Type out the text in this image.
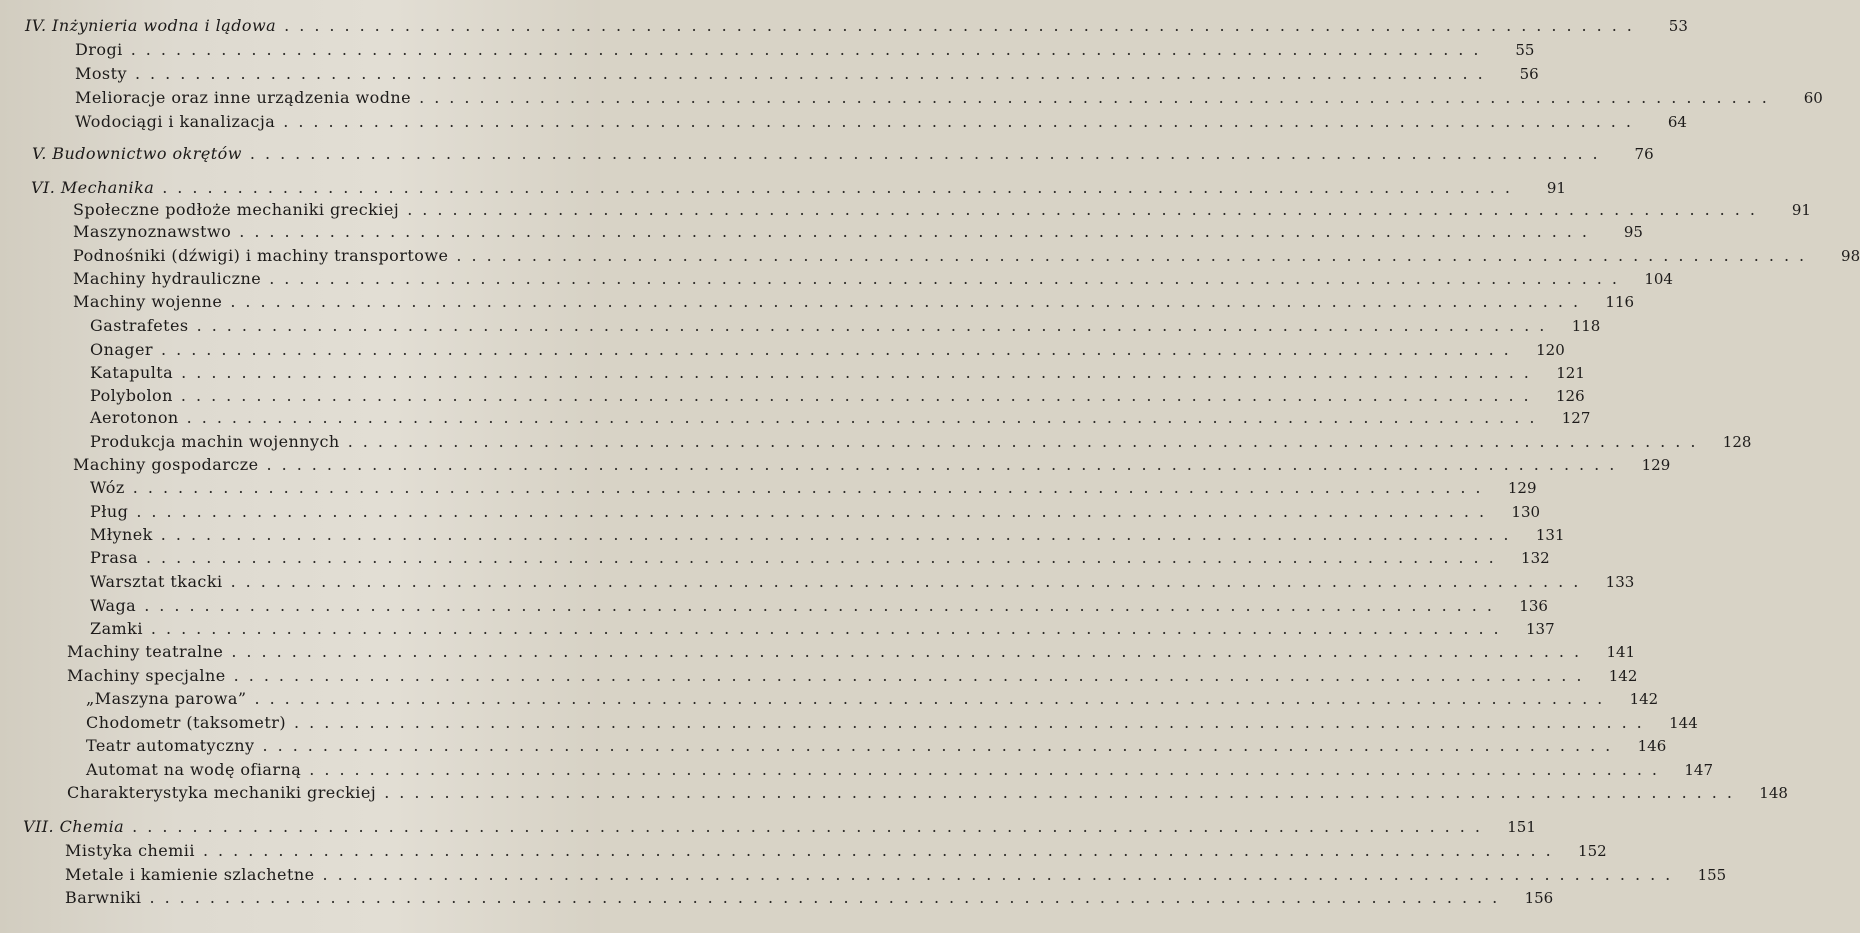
IV. Inżynieria wodna i lądowa ..........................................................................................	53
Drogi ..........................................................................................	55
Mosty ..........................................................................................	56
Melioracje oraz inne urządzenia wodne ..........................................................................................	60
Wodociągi i kanalizacja ..........................................................................................	64
V. Budownictwo okrętów ..........................................................................................	76
VI. Mechanika ..........................................................................................	91
Społeczne podłoże mechaniki greckiej ..........................................................................................	91
Maszynoznawstwo ..........................................................................................	95
Podnośniki (dźwigi) i machiny transportowe ..........................................................................................	98
Machiny hydrauliczne ..........................................................................................	104
Machiny wojenne ..........................................................................................	116
Gastrafetes ..........................................................................................	118
Onager ..........................................................................................	120
Katapulta ..........................................................................................	121
Polybolon ..........................................................................................	126
Aerotonon ..........................................................................................	127
Produkcja machin wojennych ..........................................................................................	128
Machiny gospodarcze ..........................................................................................	129
Wóz ..........................................................................................	129
Pług ..........................................................................................	130
Młynek ..........................................................................................	131
Prasa ..........................................................................................	132
Warsztat tkacki ..........................................................................................	133
Waga ..........................................................................................	136
Zamki ..........................................................................................	137
Machiny teatralne ..........................................................................................	141
Machiny specjalne ..........................................................................................	142
„Maszyna parowa” ..........................................................................................	142
Chodometr (taksometr) ..........................................................................................	144
Teatr automatyczny ..........................................................................................	146
Automat na wodę ofiarną ..........................................................................................	147
Charakterystyka mechaniki greckiej ..........................................................................................	148
VII. Chemia ..........................................................................................	151
Mistyka chemii ..........................................................................................	152
Metale i kamienie szlachetne ..........................................................................................	155
Barwniki ..........................................................................................	156
